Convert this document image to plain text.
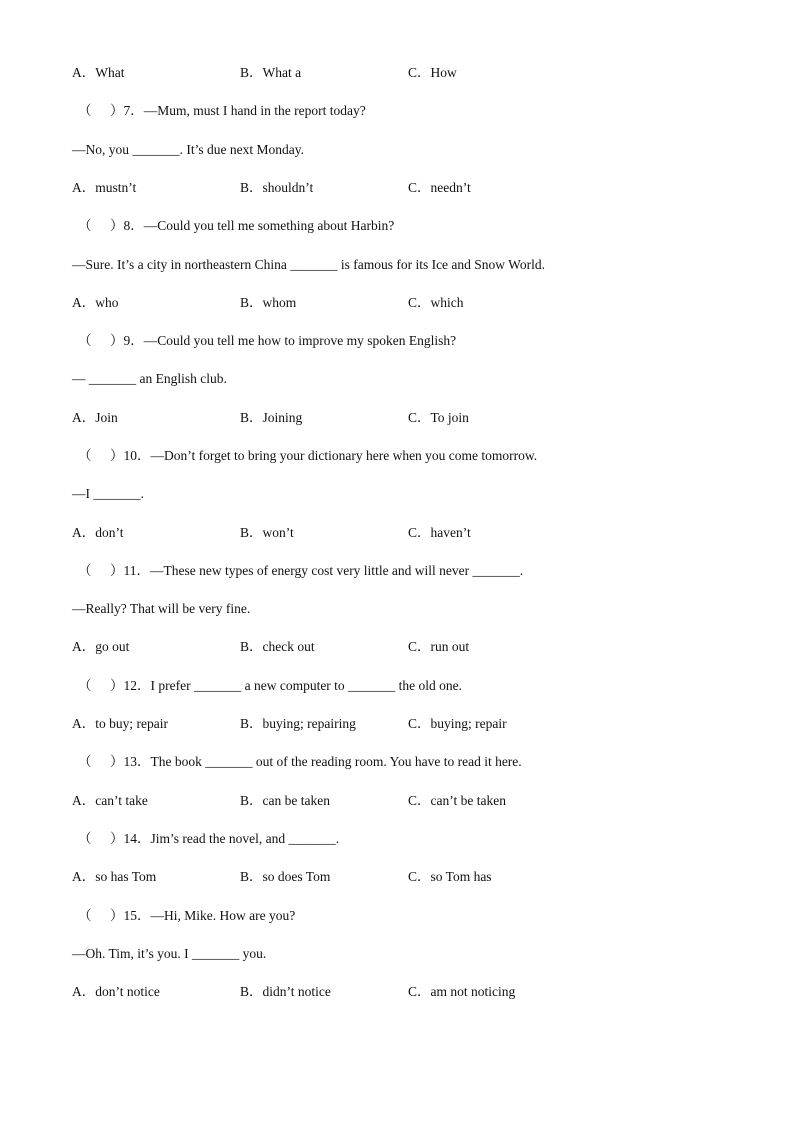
A．What	B．What a	C．How
（ ）7．—Mum, must I hand in the report today?
—No, you _______. It’s due next Monday.
A．mustn’t	B．shouldn’t	C．needn’t
（ ）8．—Could you tell me something about Harbin?
—Sure. It’s a city in northeastern China _______ is famous for its Ice and Snow World.
A．who	B．whom	C．which
（ ）9．—Could you tell me how to improve my spoken English?
— _______ an English club.
A．Join	B．Joining	C．To join
（ ）10．—Don’t forget to bring your dictionary here when you come tomorrow.
—I _______.
A．don’t	B．won’t	C．haven’t
（ ）11．—These new types of energy cost very little and will never _______.
—Really? That will be very fine.
A．go out	B．check out	C．run out
（ ）12．I prefer _______ a new computer to _______ the old one.
A．to buy; repair	B．buying; repairing	C．buying; repair
（ ）13．The book _______ out of the reading room. You have to read it here.
A．can’t take	B．can be taken	C．can’t be taken
（ ）14．Jim’s read the novel, and _______.
A．so has Tom	B．so does Tom	C．so Tom has
（ ）15．—Hi, Mike. How are you?
—Oh. Tim, it’s you. I _______ you.
A．don’t notice	B．didn’t notice	C．am not noticing
